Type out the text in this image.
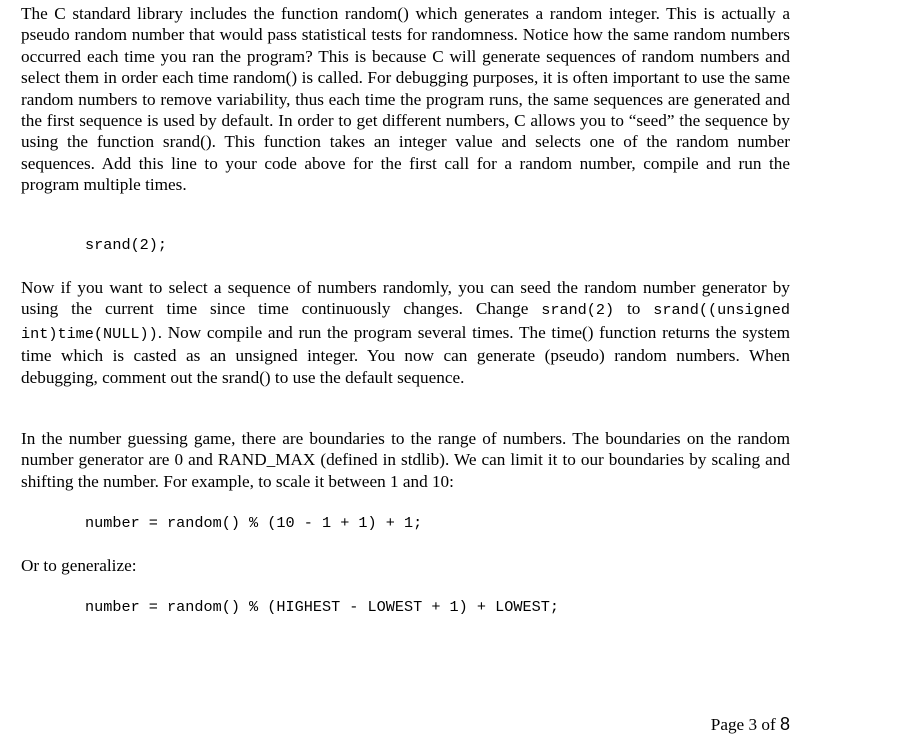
The C standard library includes the function random() which generates a random integer. This is actually a pseudo random number that would pass statistical tests for randomness. Notice how the same random numbers occurred each time you ran the program? This is because C will generate sequences of random numbers and select them in order each time random() is called. For debugging purposes, it is often important to use the same random numbers to remove variability, thus each time the program runs, the same sequences are generated and the first sequence is used by default. In order to get different numbers, C allows you to “seed” the sequence by using the function srand(). This function takes an integer value and selects one of the random number sequences. Add this line to your code above for the first call for a random number, compile and run the program multiple times.

srand(2);

Now if you want to select a sequence of numbers randomly, you can seed the random number generator by using the current time since time continuously changes. Change srand(2) to srand((unsigned int)time(NULL)). Now compile and run the program several times. The time() function returns the system time which is casted as an unsigned integer. You now can generate (pseudo) random numbers. When debugging, comment out the srand() to use the default sequence.

In the number guessing game, there are boundaries to the range of numbers. The boundaries on the random number generator are 0 and RAND_MAX (defined in stdlib). We can limit it to our boundaries by scaling and shifting the number. For example, to scale it between 1 and 10:

number = random() % (10 - 1 + 1) + 1;

Or to generalize:

number = random() % (HIGHEST - LOWEST + 1) + LOWEST;
Page 3 of 8
